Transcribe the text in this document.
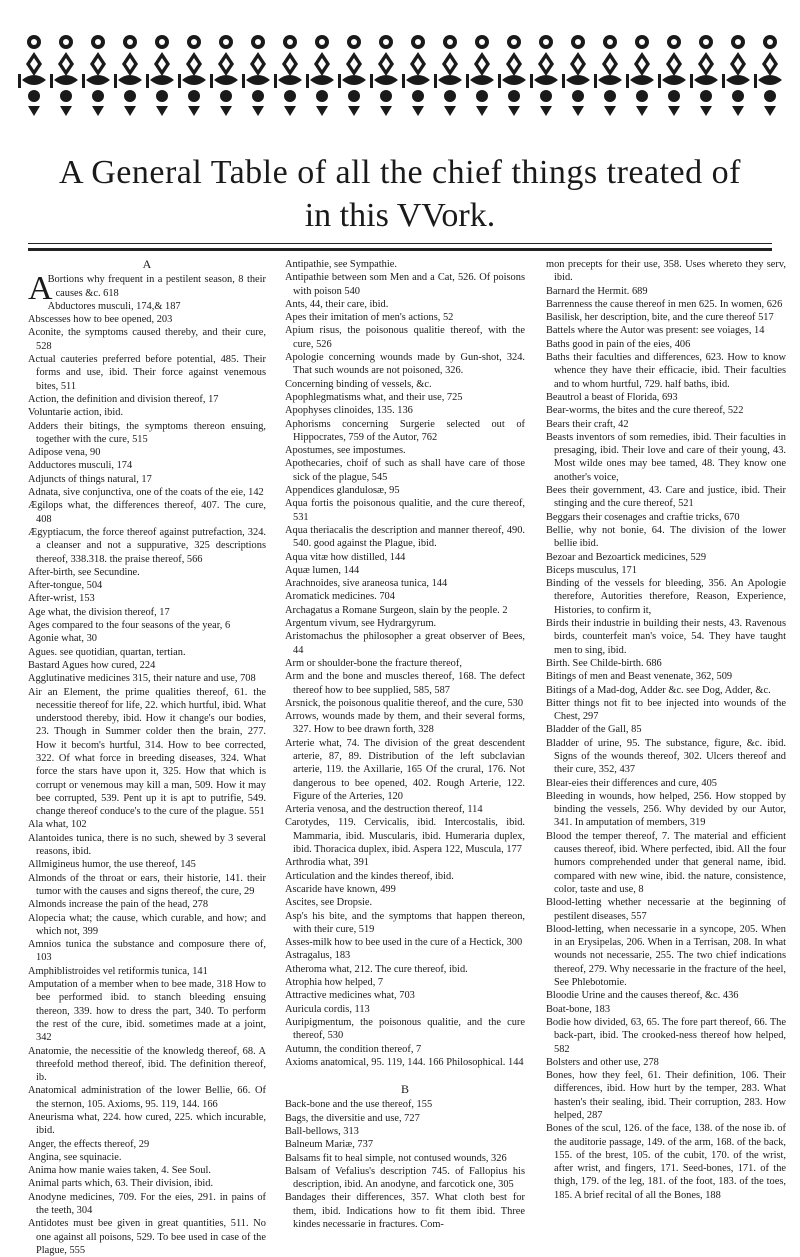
A General Table of all the chief things treated of
in this VVork.
A
A

Bortions why frequent in a pestilent season, 8 their causes &c. 618

Abductores musculi, 174,& 187

Abscesses how to bee opened, 203

Aconite, the symptoms caused thereby, and their cure, 528

Actual cauteries preferred before potential, 485. Their forms and use, ibid. Their force against venemous bites, 511

Action, the definition and division thereof, 17

Voluntarie action, ibid.

Adders their bitings, the symptoms thereon ensuing, together with the cure, 515

Adipose vena, 90

Adductores musculi, 174

Adjuncts of things natural, 17

Adnata, sive conjunctiva, one of the coats of the eie, 142

Ægilops what, the differences thereof, 407. The cure, 408

Ægyptiacum, the force thereof against putrefaction, 324. a cleanser and not a suppurative, 325 descriptions thereof, 338.318. the praise thereof, 566

After-birth, see Secundine.

After-tongue, 504

After-wrist, 153

Age what, the division thereof, 17

Ages compared to the four seasons of the year, 6

Agonie what, 30

Agues. see quotidian, quartan, tertian.

Bastard Agues how cured, 224

Agglutinative medicines 315, their nature and use, 708

Air an Element, the prime qualities thereof, 61. the necessitie thereof for life, 22. which hurtful, ibid. What understood thereby, ibid. How it change's our bodies, 23. Though in Summer colder then the brain, 277. How it becom's hurtful, 314. How to bee corrected, 322. Of what force in breeding diseases, 324. What force the stars have upon it, 325. How that which is corrupt or venemous may kill a man, 509. How it may bee corrupted, 539. Pent up it is apt to putrifie, 549. change thereof conduce's to the cure of the plague. 551

Ala what, 102

Alantoides tunica, there is no such, shewed by 3 several reasons, ibid.

Allmigineus humor, the use thereof, 145

Almonds of the throat or ears, their historie, 141. their tumor with the causes and signs thereof, the cure, 29

Almonds increase the pain of the head, 278

Alopecia what; the cause, which curable, and how; and which not, 399

Amnios tunica the substance and composure there of, 103

Amphiblistroides vel retiformis tunica, 141

Amputation of a member when to bee made, 318 How to bee performed ibid. to stanch bleeding ensuing thereon, 339. how to dress the part, 340. To perform the rest of the cure, ibid. sometimes made at a joint, 342

Anatomie, the necessitie of the knowledg thereof, 68. A threefold method thereof, ibid. The definition thereof, ib.

Anatomical administration of the lower Bellie, 66. Of the sternon, 105. Axioms, 95. 119, 144. 166

Aneurisma what, 224. how cured, 225. which incurable, ibid.

Anger, the effects thereof, 29

Angina, see squinacie.

Anima how manie waies taken, 4. See Soul.

Animal parts which, 63. Their division, ibid.

Anodyne medicines, 709. For the eies, 291. in pains of the teeth, 304

Antidotes must bee given in great quantities, 511. No one against all poisons, 529. To bee used in case of the Plague, 555

Antipathie, see Sympathie.

Antipathie between som Men and a Cat, 526. Of poisons with poison 540

Ants, 44, their care, ibid.

Apes their imitation of men's actions, 52

Apium risus, the poisonous qualitie thereof, with the cure, 526

Apologie concerning wounds made by Gun-shot, 324. That such wounds are not poisoned, 326.

Concerning binding of vessels, &c.

Apophlegmatisms what, and their use, 725

Apophyses clinoides, 135. 136

Aphorisms concerning Surgerie selected out of Hippocrates, 759 of the Autor, 762

Apostumes, see impostumes.

Apothecaries, choif of such as shall have care of those sick of the plague, 545

Appendices glandulosæ, 95

Aqua fortis the poisonous qualitie, and the cure thereof, 531

Aqua theriacalis the description and manner thereof, 490. 540. good against the Plague, ibid.

Aqua vitæ how distilled, 144

Aquæ lumen, 144

Arachnoides, sive araneosa tunica, 144

Aromatick medicines. 704

Archagatus a Romane Surgeon, slain by the people. 2

Argentum vivum, see Hydrargyrum.

Aristomachus the philosopher a great observer of Bees, 44

Arm or shoulder-bone the fracture thereof,

Arm and the bone and muscles thereof, 168. The defect thereof how to bee supplied, 585, 587

Arsnick, the poisonous qualitie thereof, and the cure, 530

Arrows, wounds made by them, and their several forms, 327. How to bee drawn forth, 328

Arterie what, 74. The division of the great descendent arterie, 87, 89. Distribution of the left subclavian arterie, 119. the Axillarie, 165 Of the crural, 176. Not dangerous to bee opened, 402. Rough Arterie, 122. Figure of the Arteries, 120

Arteria venosa, and the destruction thereof, 114

Carotydes, 119. Cervicalis, ibid. Intercostalis, ibid. Mammaria, ibid. Muscularis, ibid. Humeraria duplex, ibid. Thoracica duplex, ibid. Aspera 122, Muscula, 177

Arthrodia what, 391

Articulation and the kindes thereof, ibid.

Ascaride have known, 499

Ascites, see Dropsie.

Asp's his bite, and the symptoms that happen thereon, with their cure, 519

Asses-milk how to bee used in the cure of a Hectick, 300

Astragalus, 183

Atheroma what, 212. The cure thereof, ibid.

Atrophia how helped, 7

Attractive medicines what, 703

Auricula cordis, 113

Auripigmentum, the poisonous qualitie, and the cure thereof, 530

Autumn, the condition thereof, 7

Axioms anatomical, 95. 119, 144. 166 Philosophical. 144

B

Back-bone and the use thereof, 155

Bags, the diversitie and use, 727

Ball-bellows, 313

Balneum Mariæ, 737

Balsams fit to heal simple, not contused wounds, 326

Balsam of Vefalius's description 745. of Fallopius his description, ibid. An anodyne, and farcotick one, 305

Bandages their differences, 357. What cloth best for them, ibid. Indications how to fit them ibid. Three kindes necessarie in fractures. Com-

mon precepts for their use, 358. Uses whereto they serv, ibid.

Barnard the Hermit. 689

Barrenness the cause thereof in men 625. In women, 626

Basilisk, her description, bite, and the cure thereof 517

Battels where the Autor was present: see voiages, 14

Baths good in pain of the eies, 406

Baths their faculties and differences, 623. How to know whence they have their efficacie, ibid. Their faculties and to whom hurtful, 729. half baths, ibid.

Beautrol a beast of Florida, 693

Bear-worms, the bites and the cure thereof, 522

Bears their craft, 42

Beasts inventors of som remedies, ibid. Their faculties in presaging, ibid. Their love and care of their young, 43. Most wilde ones may bee tamed, 48. They know one another's voice,

Bees their government, 43. Care and justice, ibid. Their stinging and the cure thereof, 521

Beggars their cosenages and craftie tricks, 670

Bellie, why not bonie, 64. The division of the lower bellie ibid.

Bezoar and Bezoartick medicines, 529

Biceps musculus, 171

Binding of the vessels for bleeding, 356. An Apologie therefore, Autorities therefore, Reason, Experience, Histories, to confirm it,

Birds their industrie in building their nests, 43. Ravenous birds, counterfeit man's voice, 54. They have taught men to sing, ibid.

Birth. See Childe-birth. 686

Bitings of men and Beast venenate, 362, 509

Bitings of a Mad-dog, Adder &c. see Dog, Adder, &c.

Bitter things not fit to bee injected into wounds of the Chest, 297

Bladder of the Gall, 85

Bladder of urine, 95. The substance, figure, &c. ibid. Signs of the wounds thereof, 302. Ulcers thereof and their cure, 352, 437

Blear-eies their differences and cure, 405

Bleeding in wounds, how helped, 256. How stopped by binding the vessels, 256. Why devided by our Autor, 341. In amputation of members, 319

Blood the temper thereof, 7. The material and efficient causes thereof, ibid. Where perfected, ibid. All the four humors comprehended under that general name, ibid. compared with new wine, ibid. the nature, consistence, color, taste and use, 8

Blood-letting whether necessarie at the beginning of pestilent diseases, 557

Blood-letting, when necessarie in a syncope, 205. When in an Erysipelas, 206. When in a Terrisan, 208. In what wounds not necessarie, 255. The two chief indications thereof, 279. Why necessarie in the fracture of the heel, See Phlebotomie.

Bloodie Urine and the causes thereof, &c. 436

Boat-bone, 183

Bodie how divided, 63, 65. The fore part thereof, 66. The back-part, ibid. The crooked-ness thereof how helped, 582

Bolsters and other use, 278

Bones, how they feel, 61. Their definition, 106. Their differences, ibid. How hurt by the temper, 283. What hasten's their sealing, ibid. Their corruption, 283. How helped, 287

Bones of the scul, 126. of the face, 138. of the nose ib. of the auditorie passage, 149. of the arm, 168. of the back, 155. of the brest, 105. of the cubit, 170. of the wrist, after wrist, and fingers, 171. Seed-bones, 171. of the thigh, 179. of the leg, 181. of the foot, 183. of the toes, 185. A brief recital of all the Bones, 188
